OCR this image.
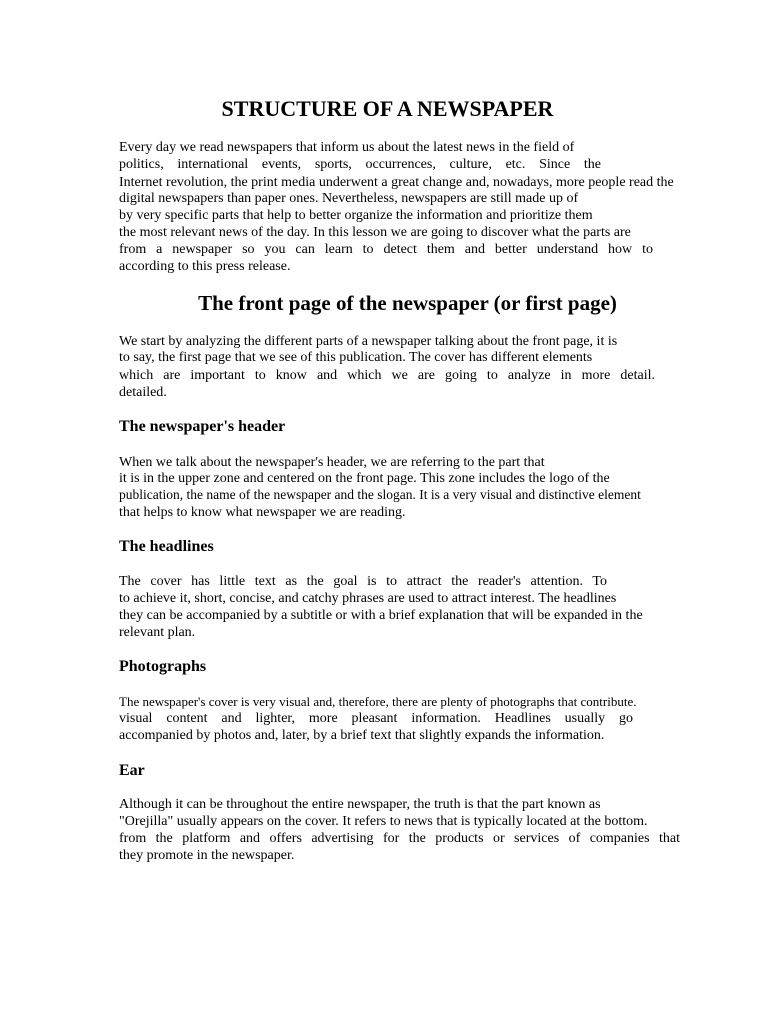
STRUCTURE OF A NEWSPAPER
Every day we read newspapers that inform us about the latest news in the field of
politics, international events, sports, occurrences, culture, etc. Since the
Internet revolution, the print media underwent a great change and, nowadays, more people read the
digital newspapers than paper ones. Nevertheless, newspapers are still made up of
by very specific parts that help to better organize the information and prioritize them
the most relevant news of the day. In this lesson we are going to discover what the parts are
from a newspaper so you can learn to detect them and better understand how to
according to this press release.
The front page of the newspaper (or first page)
We start by analyzing the different parts of a newspaper talking about the front page, it is
to say, the first page that we see of this publication. The cover has different elements
which are important to know and which we are going to analyze in more detail.
detailed.
The newspaper's header
When we talk about the newspaper's header, we are referring to the part that
it is in the upper zone and centered on the front page. This zone includes the logo of the
publication, the name of the newspaper and the slogan. It is a very visual and distinctive element
that helps to know what newspaper we are reading.
The headlines
The cover has little text as the goal is to attract the reader's attention. To
to achieve it, short, concise, and catchy phrases are used to attract interest. The headlines
they can be accompanied by a subtitle or with a brief explanation that will be expanded in the
relevant plan.
Photographs
The newspaper's cover is very visual and, therefore, there are plenty of photographs that contribute.
visual content and lighter, more pleasant information. Headlines usually go
accompanied by photos and, later, by a brief text that slightly expands the information.
Ear
Although it can be throughout the entire newspaper, the truth is that the part known as
"Orejilla" usually appears on the cover. It refers to news that is typically located at the bottom.
from the platform and offers advertising for the products or services of companies that
they promote in the newspaper.
